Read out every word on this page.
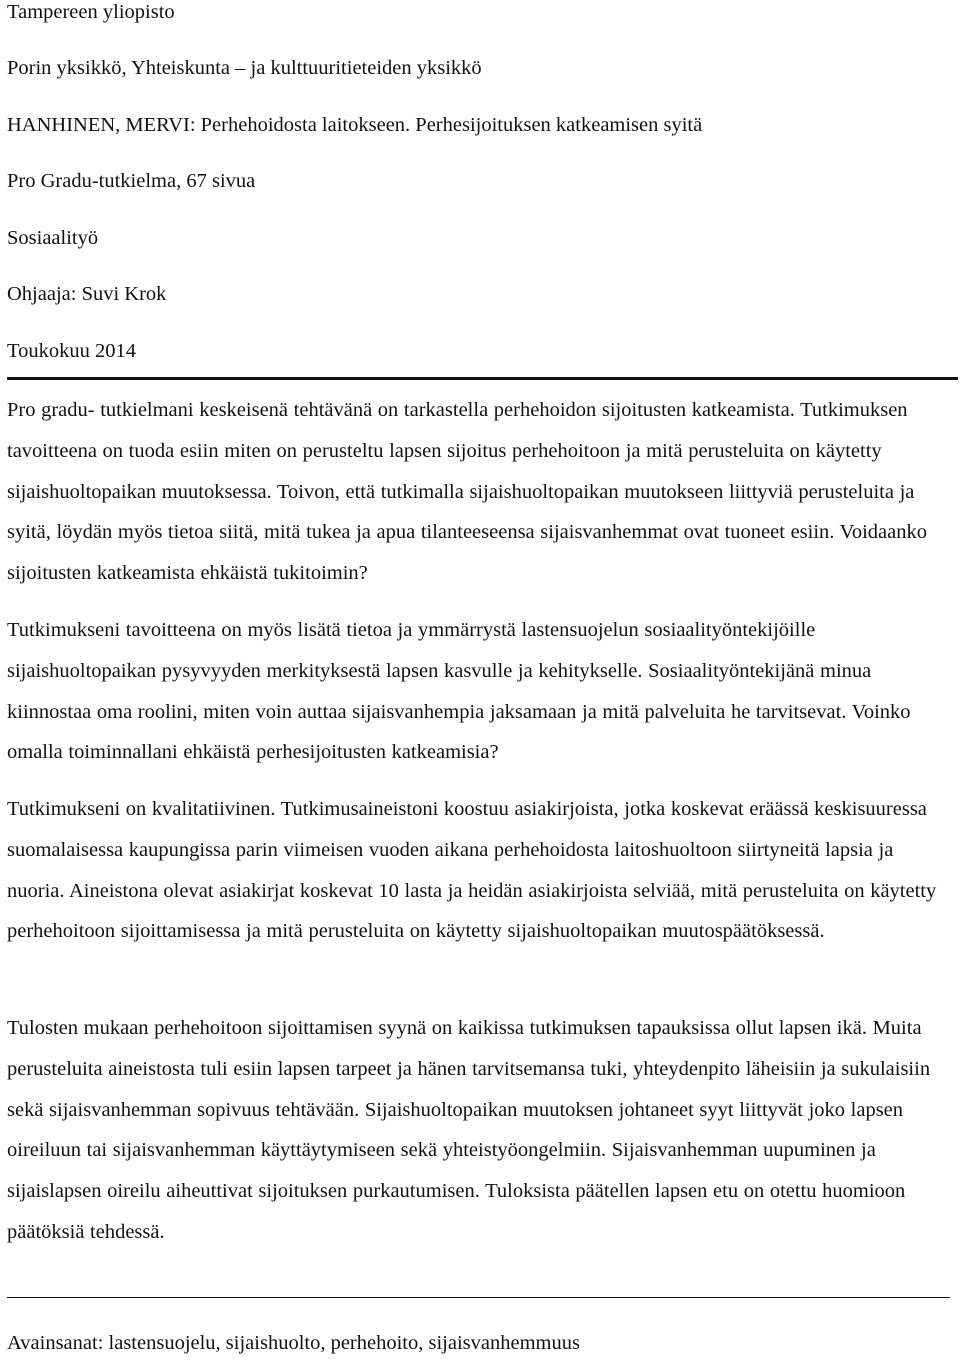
Tampereen yliopisto

Porin yksikkö, Yhteiskunta – ja kulttuuritieteiden yksikkö

HANHINEN, MERVI: Perhehoidosta laitokseen. Perhesijoituksen katkeamisen syitä

Pro Gradu-tutkielma, 67 sivua

Sosiaalityö

Ohjaaja: Suvi Krok

Toukokuu 2014

Pro gradu- tutkielmani keskeisenä tehtävänä on tarkastella perhehoidon sijoitusten katkeamista. Tutkimuksen tavoitteena on tuoda esiin miten on perusteltu lapsen sijoitus perhehoitoon ja mitä perusteluita on käytetty sijaishuoltopaikan muutoksessa. Toivon, että tutkimalla sijaishuoltopaikan muutokseen liittyviä perusteluita ja syitä, löydän myös tietoa siitä, mitä tukea ja apua tilanteeseensa sijaisvanhemmat ovat tuoneet esiin. Voidaanko sijoitusten katkeamista ehkäistä tukitoimin?

Tutkimukseni tavoitteena on myös lisätä tietoa ja ymmärrystä lastensuojelun sosiaalityöntekijöille sijaishuoltopaikan pysyvyyden merkityksestä lapsen kasvulle ja kehitykselle. Sosiaalityöntekijänä minua kiinnostaa oma roolini, miten voin auttaa sijaisvanhempia jaksamaan ja mitä palveluita he tarvitsevat. Voinko omalla toiminnallani ehkäistä perhesijoitusten katkeamisia?

Tutkimukseni on kvalitatiivinen. Tutkimusaineistoni koostuu asiakirjoista, jotka koskevat eräässä keskisuuressa suomalaisessa kaupungissa parin viimeisen vuoden aikana perhehoidosta laitoshuoltoon siirtyneitä lapsia ja nuoria. Aineistona olevat asiakirjat koskevat 10 lasta ja heidän asiakirjoista selviää, mitä perusteluita on käytetty perhehoitoon sijoittamisessa ja mitä perusteluita on käytetty sijaishuoltopaikan muutospäätöksessä.

Tulosten mukaan perhehoitoon sijoittamisen syynä on kaikissa tutkimuksen tapauksissa ollut lapsen ikä. Muita perusteluita aineistosta tuli esiin lapsen tarpeet ja hänen tarvitsemansa tuki, yhteydenpito läheisiin ja sukulaisiin sekä sijaisvanhemman sopivuus tehtävään. Sijaishuoltopaikan muutoksen johtaneet syyt liittyvät joko lapsen oireiluun tai sijaisvanhemman käyttäytymiseen sekä yhteistyöongelmiin. Sijaisvanhemman uupuminen ja sijaislapsen oireilu aiheuttivat sijoituksen purkautumisen. Tuloksista päätellen lapsen etu on otettu huomioon päätöksiä tehdessä.

Avainsanat: lastensuojelu, sijaishuolto, perhehoito, sijaisvanhemmuus
